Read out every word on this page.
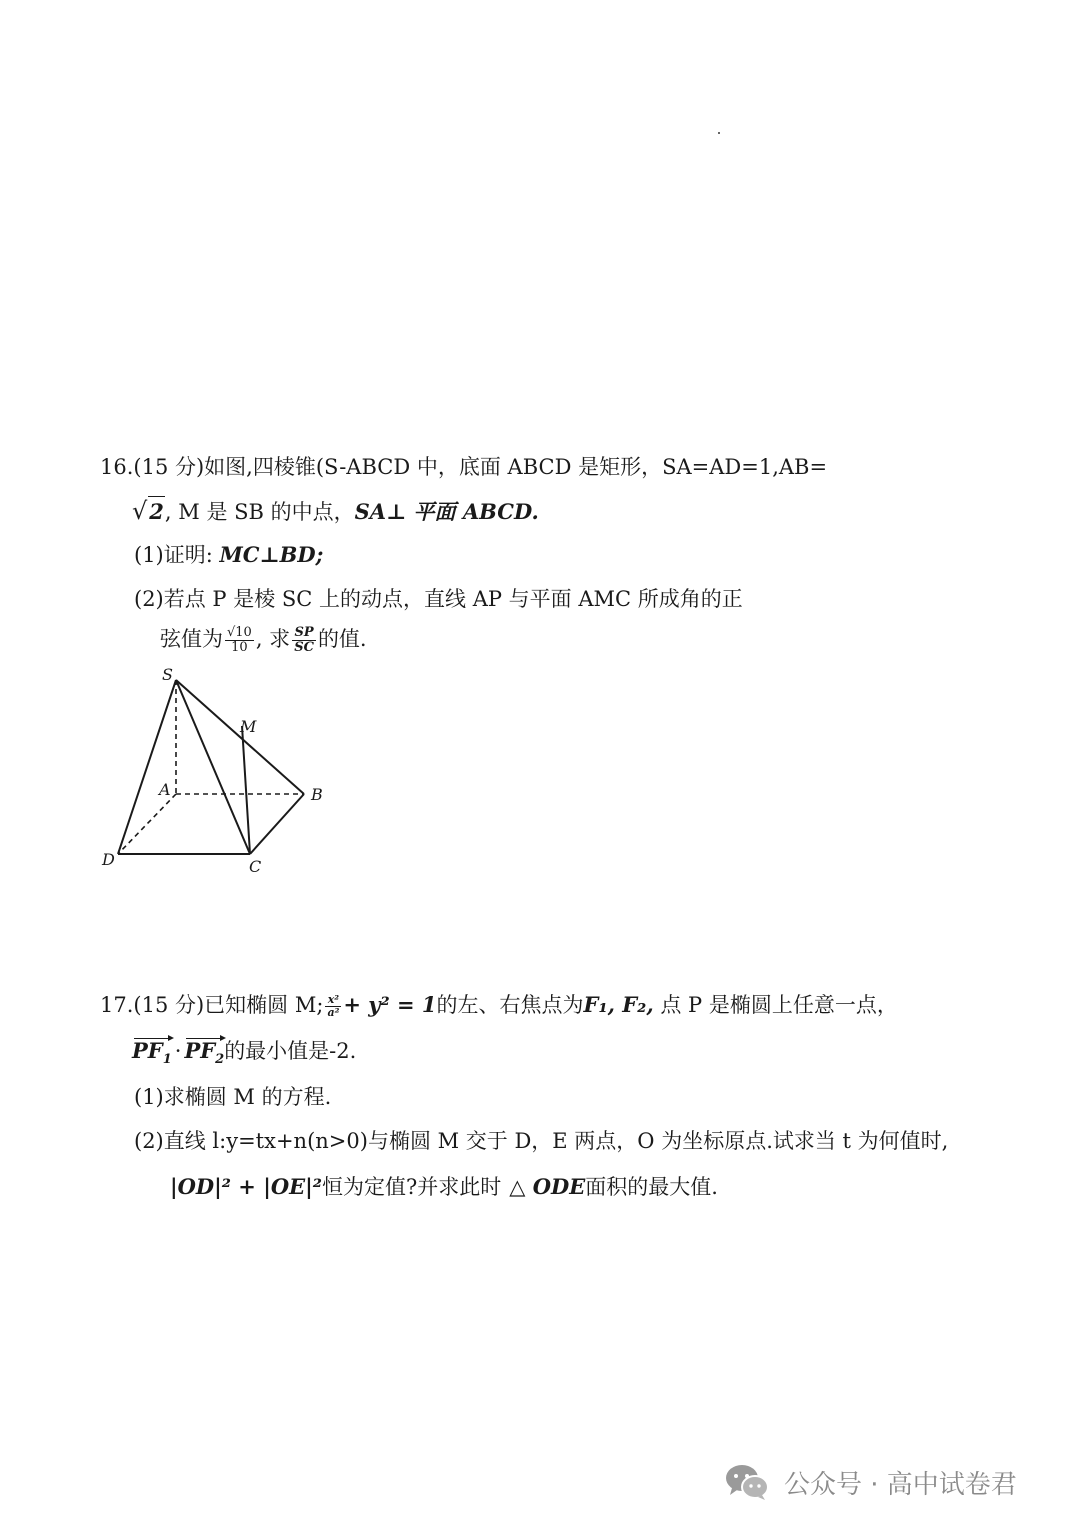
16.(15 分)如图,四棱锥(S-ABCD 中，底面 ABCD 是矩形，SA=AD=1,AB=
√2, M 是 SB 的中点，SA⊥ 平面 ABCD.
(1)证明: MC⊥BD;
(2)若点 P 是棱 SC 上的动点，直线 AP 与平面 AMC 所成角的正
弦值为 $\frac{√10}{10}$ , 求 $\frac{SP}{SC}$ 的值.
S
M
A	B
D	C
17.(15 分)已知椭圆 M; $\frac{\text{x²}}{\text{a²}} + y^2 = 1$的左、右焦点为F₁, F₂, 点 P 是椭圆上任意一点，
$PF_1 \cdot PF_2$的最小值是-2.
(1)求椭圆 M 的方程.
(2)直线 l:y=tx+n(n>0)与椭圆 M 交于 D，E 两点，O 为坐标原点.试求当 t 为何值时,
|OD|² + |OE|²恒为定值?并求此时 △ ODE面积的最大值.
公众号 · 高中试卷君
